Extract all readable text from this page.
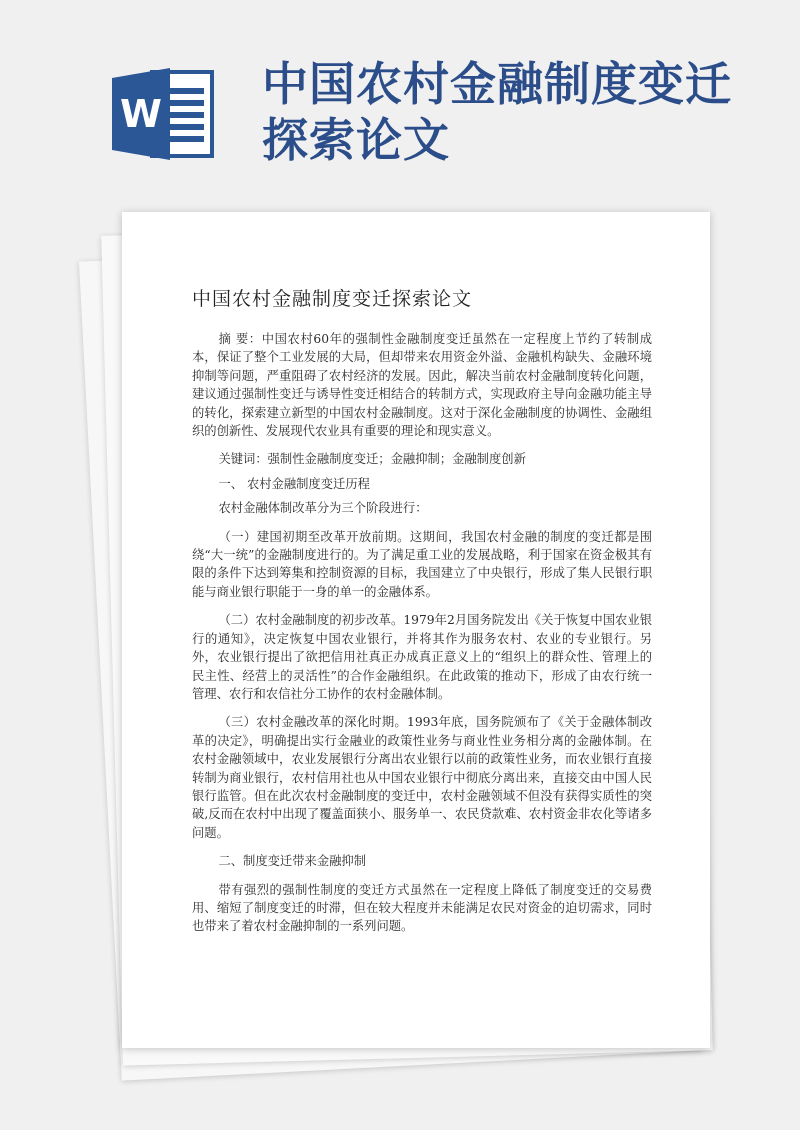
W
中国农村金融制度变迁
探索论文
中国农村金融制度变迁探索论文

摘 要：中国农村60年的强制性金融制度变迁虽然在一定程度上节约了转制成本，保证了整个工业发展的大局，但却带来农用资金外溢、金融机构缺失、金融环境抑制等问题，严重阻碍了农村经济的发展。因此，解决当前农村金融制度转化问题，建议通过强制性变迁与诱导性变迁相结合的转制方式，实现政府主导向金融功能主导的转化，探索建立新型的中国农村金融制度。这对于深化金融制度的协调性、金融组织的创新性、发展现代农业具有重要的理论和现实意义。

关键词：强制性金融制度变迁；金融抑制；金融制度创新

一、 农村金融制度变迁历程

农村金融体制改革分为三个阶段进行：

（一）建国初期至改革开放前期。这期间，我国农村金融的制度的变迁都是围绕“大一统”的金融制度进行的。为了满足重工业的发展战略，利于国家在资金极其有限的条件下达到筹集和控制资源的目标，我国建立了中央银行，形成了集人民银行职能与商业银行职能于一身的单一的金融体系。

（二）农村金融制度的初步改革。1979年2月国务院发出《关于恢复中国农业银行的通知》，决定恢复中国农业银行，并将其作为服务农村、农业的专业银行。另外，农业银行提出了欲把信用社真正办成真正意义上的“组织上的群众性、管理上的民主性、经营上的灵活性”的合作金融组织。在此政策的推动下，形成了由农行统一管理、农行和农信社分工协作的农村金融体制。

（三）农村金融改革的深化时期。1993年底，国务院颁布了《关于金融体制改革的决定》，明确提出实行金融业的政策性业务与商业性业务相分离的金融体制。在农村金融领域中，农业发展银行分离出农业银行以前的政策性业务，而农业银行直接转制为商业银行，农村信用社也从中国农业银行中彻底分离出来，直接交由中国人民银行监管。但在此次农村金融制度的变迁中，农村金融领域不但没有获得实质性的突破,反而在农村中出现了覆盖面狭小、服务单一、农民贷款难、农村资金非农化等诸多问题。

二、制度变迁带来金融抑制

带有强烈的强制性制度的变迁方式虽然在一定程度上降低了制度变迁的交易费用、缩短了制度变迁的时滞，但在较大程度并未能满足农民对资金的迫切需求，同时也带来了着农村金融抑制的一系列问题。
